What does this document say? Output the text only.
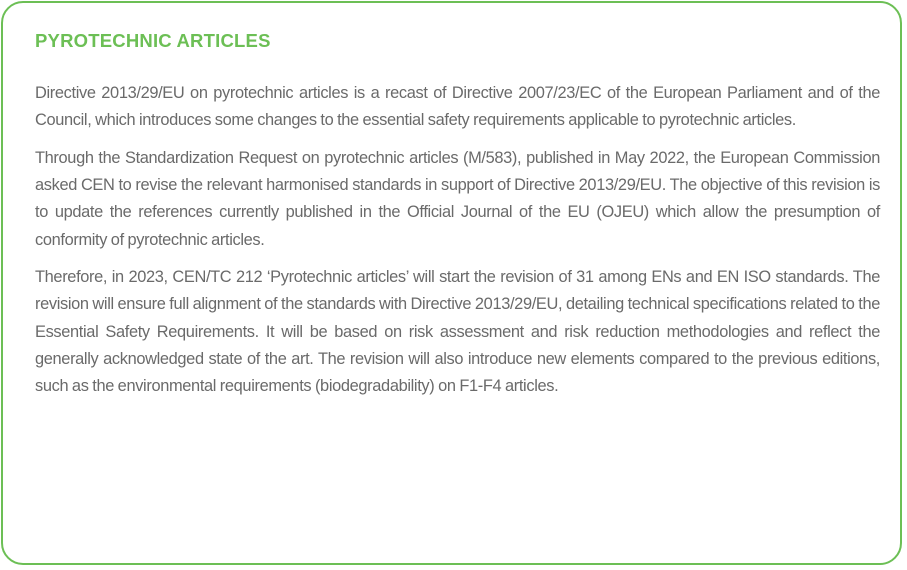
PYROTECHNIC ARTICLES

Directive 2013/29/EU on pyrotechnic articles is a recast of Directive 2007/23/EC of the European Parliament and of the Council, which introduces some changes to the essential safety requirements applicable to pyrotechnic articles.

Through the Standardization Request on pyrotechnic articles (M/583), published in May 2022, the European Commission asked CEN to revise the relevant harmonised standards in support of Directive 2013/29/EU. The objective of this revision is to update the references currently published in the Official Journal of the EU (OJEU) which allow the presumption of conformity of pyrotechnic articles.

Therefore, in 2023, CEN/TC 212 ‘Pyrotechnic articles’ will start the revision of 31 among ENs and EN ISO standards. The revision will ensure full alignment of the standards with Directive 2013/29/EU, detailing technical specifications related to the Essential Safety Requirements. It will be based on risk assessment and risk reduction methodologies and reflect the generally acknowledged state of the art. The revision will also introduce new elements compared to the previous editions, such as the environmental requirements (biodegradability) on F1-F4 articles.
